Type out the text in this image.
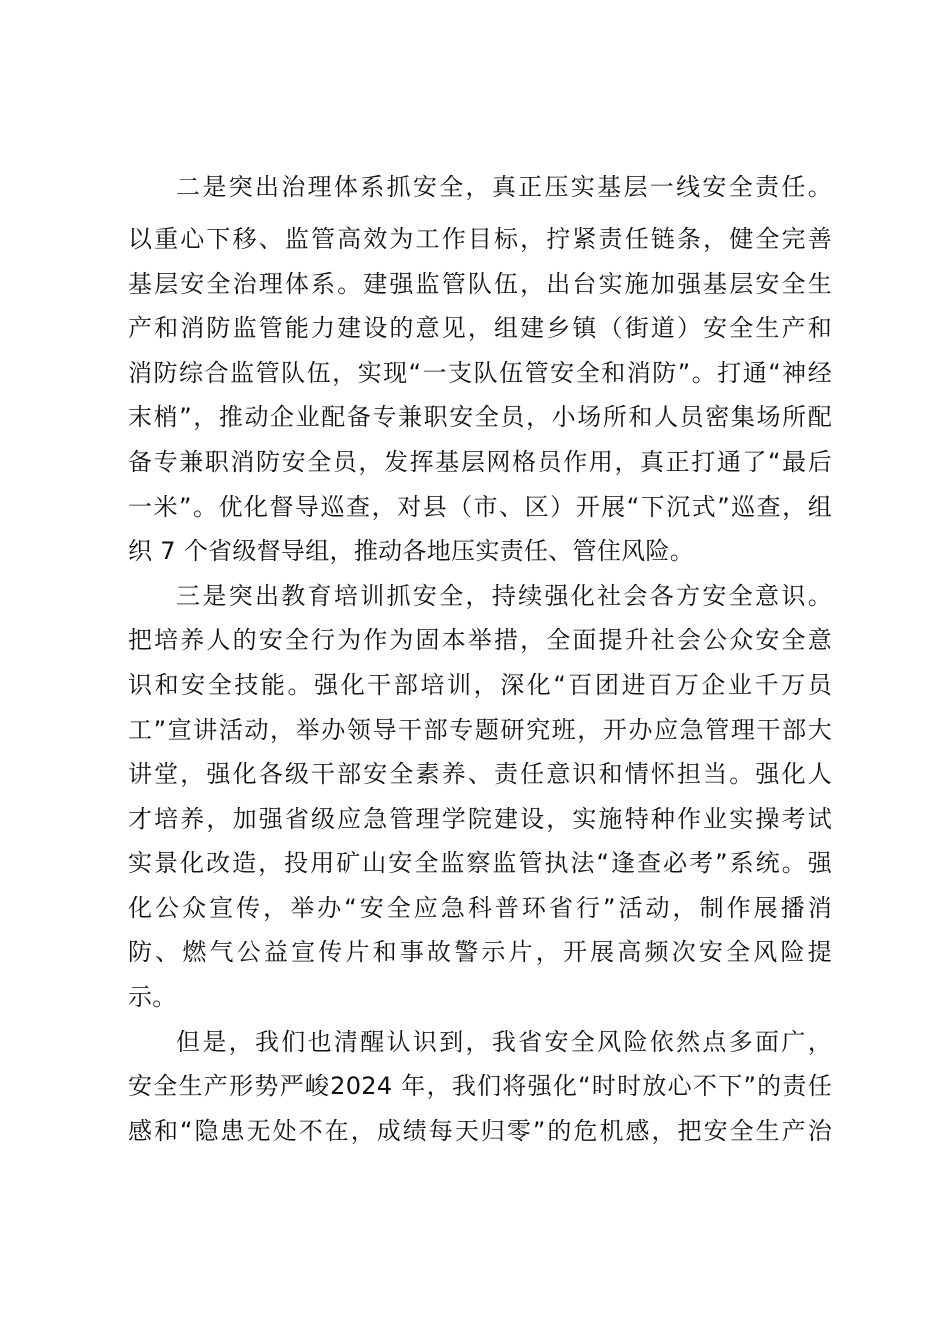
二是突出治理体系抓安全，真正压实基层一线安全责任。
以重心下移、监管高效为工作目标，拧紧责任链条，健全完善
基层安全治理体系。建强监管队伍，出台实施加强基层安全生
产和消防监管能力建设的意见，组建乡镇（街道）安全生产和
消防综合监管队伍，实现“一支队伍管安全和消防”。打通“神经
末梢”，推动企业配备专兼职安全员，小场所和人员密集场所配
备专兼职消防安全员，发挥基层网格员作用，真正打通了“最后
一米”。优化督导巡查，对县（市、区）开展“下沉式”巡查，组
织 7 个省级督导组，推动各地压实责任、管住风险。
三是突出教育培训抓安全，持续强化社会各方安全意识。
把培养人的安全行为作为固本举措，全面提升社会公众安全意
识和安全技能。强化干部培训，深化“百团进百万企业千万员
工”宣讲活动，举办领导干部专题研究班，开办应急管理干部大
讲堂，强化各级干部安全素养、责任意识和情怀担当。强化人
才培养，加强省级应急管理学院建设，实施特种作业实操考试
实景化改造，投用矿山安全监察监管执法“逢查必考”系统。强
化公众宣传，举办“安全应急科普环省行”活动，制作展播消
防、燃气公益宣传片和事故警示片，开展高频次安全风险提
示。
但是，我们也清醒认识到，我省安全风险依然点多面广，
安全生产形势严峻2024 年，我们将强化“时时放心不下”的责任
感和“隐患无处不在，成绩每天归零”的危机感，把安全生产治
